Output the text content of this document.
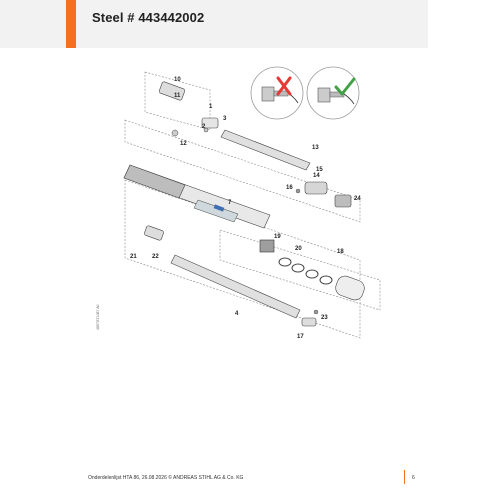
Steel # 443442002
10
11
1
2
3
12
13
14
15
16
24
7
19
18
20
21	22
4
23
17
4857GT1087 A0
Onderdelenlijst HTA 86, 26.08.2026 © ANDREAS STIHL AG & Co. KG	6
